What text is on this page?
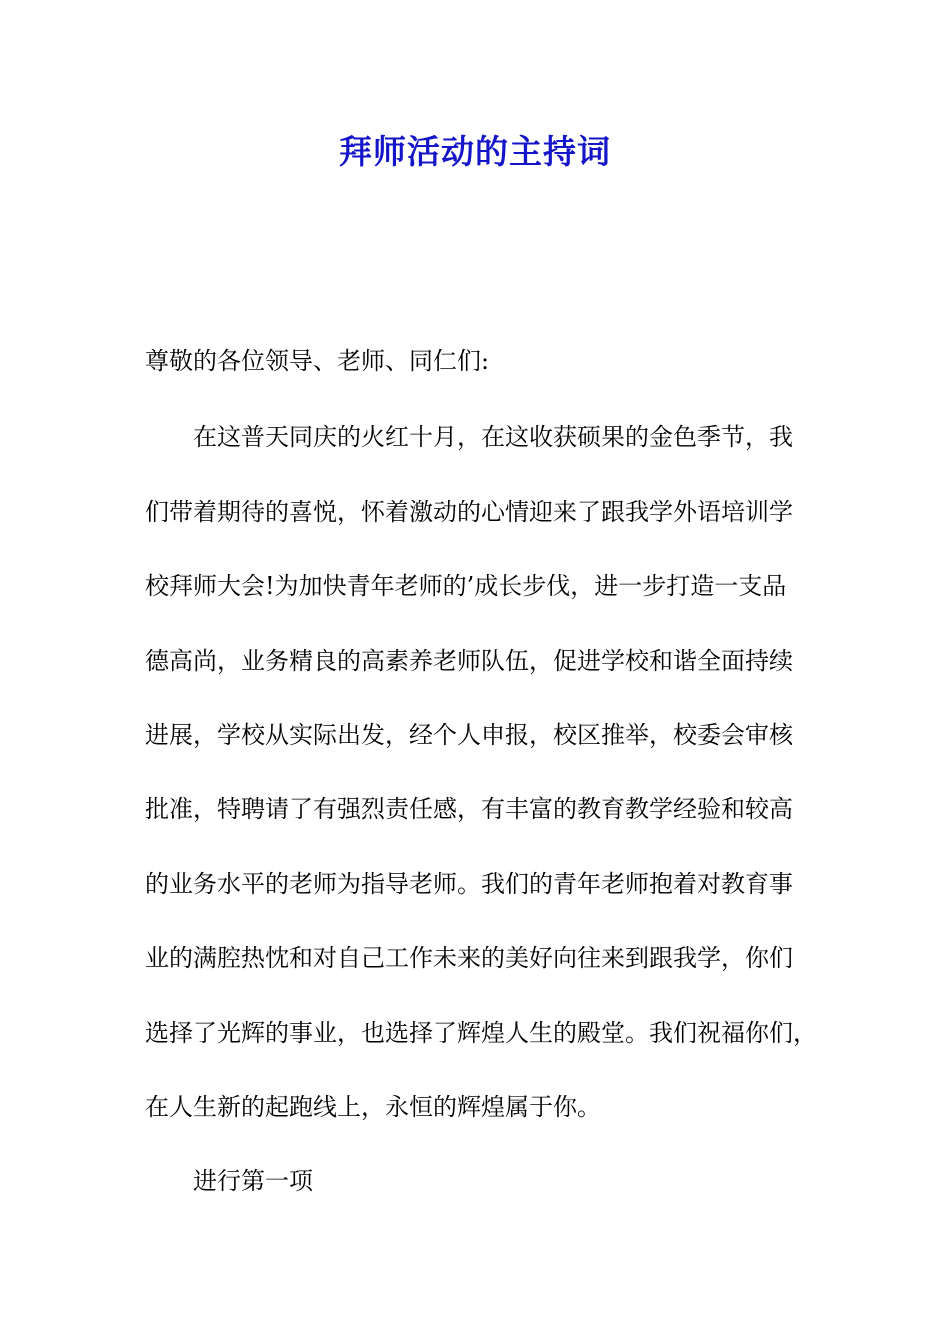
拜师活动的主持词
尊敬的各位领导、老师、同仁们:
在这普天同庆的火红十月，在这收获硕果的金色季节，我
们带着期待的喜悦，怀着激动的心情迎来了跟我学外语培训学
校拜师大会!为加快青年老师的’成长步伐，进一步打造一支品
德高尚，业务精良的高素养老师队伍，促进学校和谐全面持续
进展，学校从实际出发，经个人申报，校区推举，校委会审核
批准，特聘请了有强烈责任感，有丰富的教育教学经验和较高
的业务水平的老师为指导老师。我们的青年老师抱着对教育事
业的满腔热忱和对自己工作未来的美好向往来到跟我学，你们
选择了光辉的事业，也选择了辉煌人生的殿堂。我们祝福你们，
在人生新的起跑线上，永恒的辉煌属于你。
进行第一项
